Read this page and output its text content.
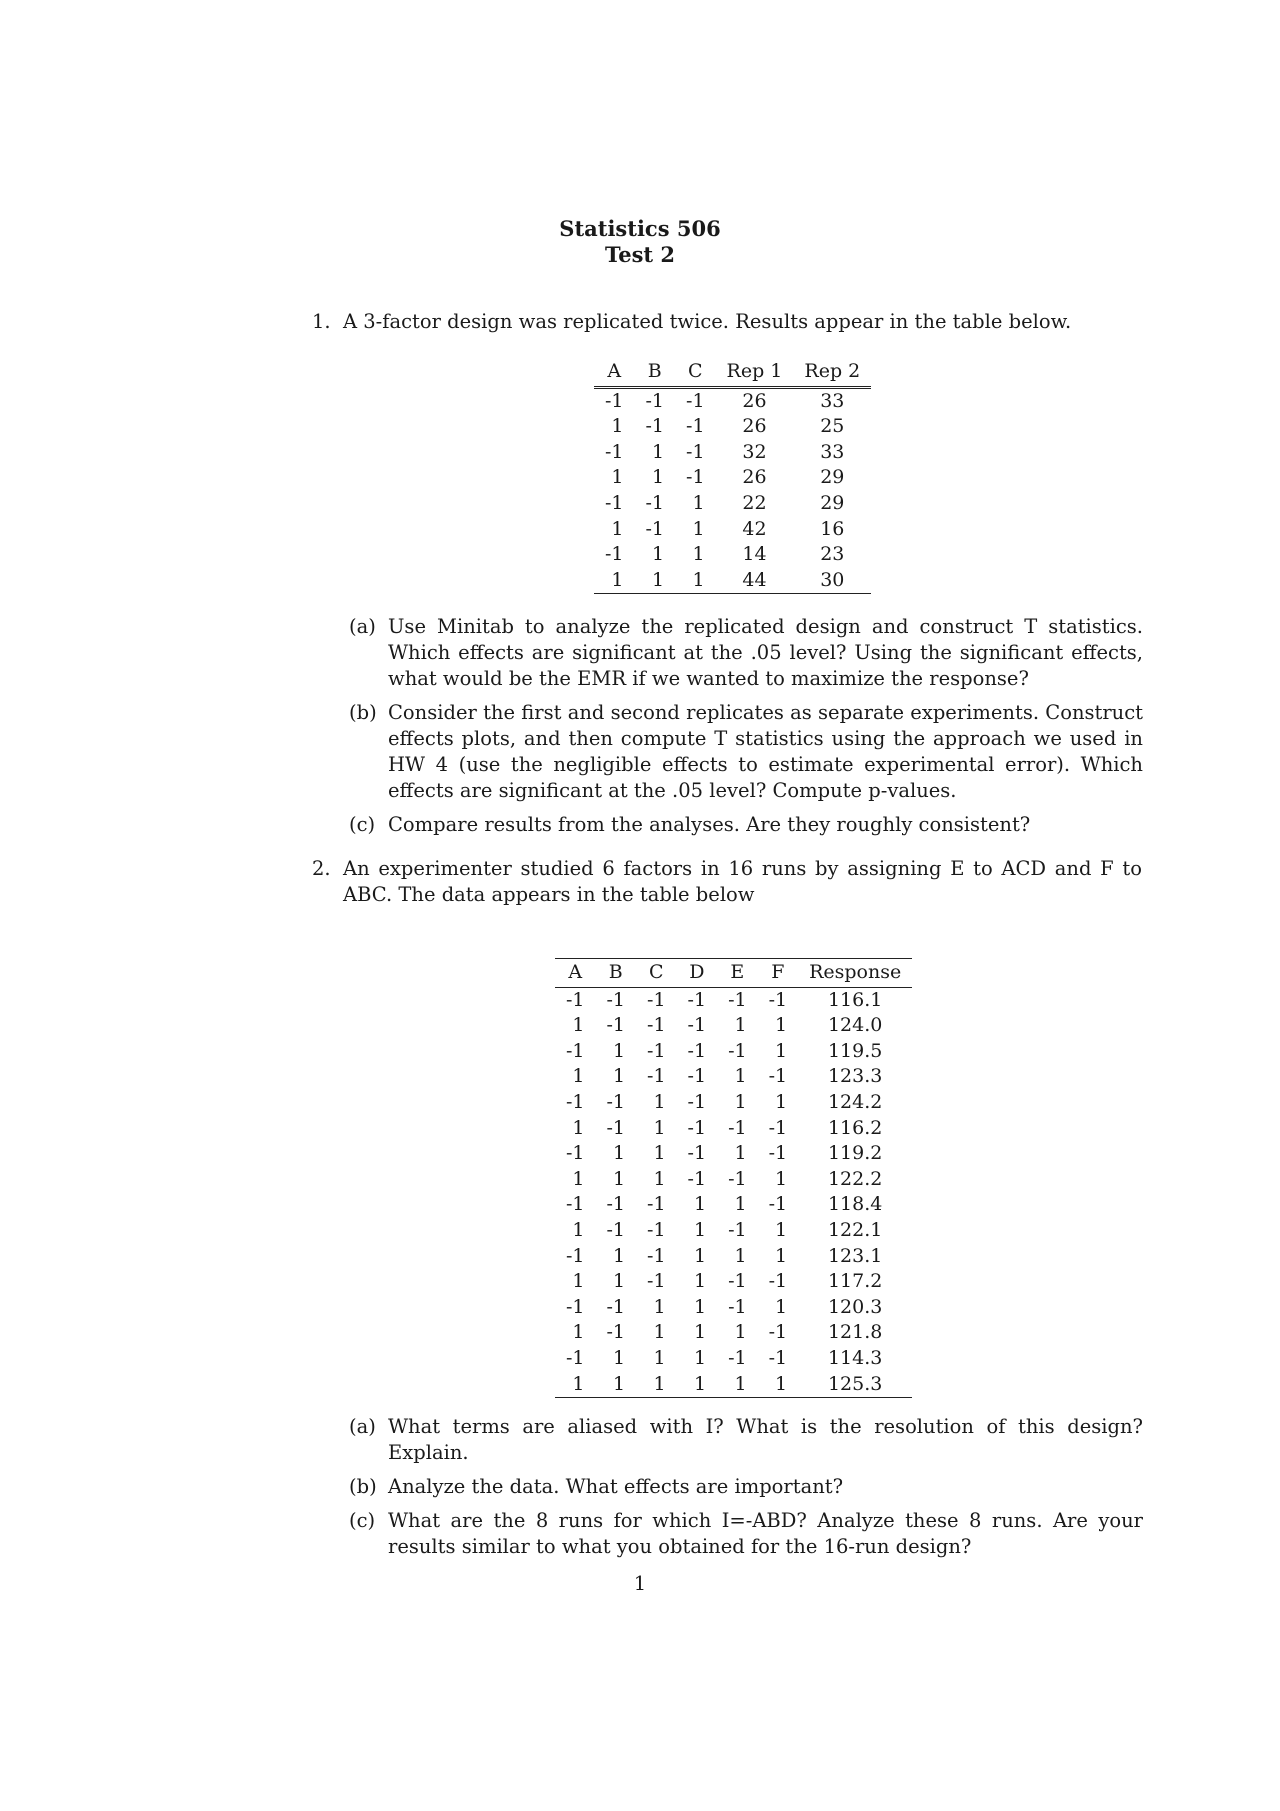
Statistics 506
Test 2
1. A 3-factor design was replicated twice. Results appear in the table below.
A	B	C	Rep 1	Rep 2
-1	-1	-1	26	33
1	-1	-1	26	25
-1	1	-1	32	33
1	1	-1	26	29
-1	-1	1	22	29
1	-1	1	42	16
-1	1	1	14	23
1	1	1	44	30
(a) Use Minitab to analyze the replicated design and construct T statistics. Which effects are significant at the .05 level? Using the significant effects, what would be the EMR if we wanted to maximize the response?
(b) Consider the first and second replicates as separate experiments. Construct effects plots, and then compute T statistics using the approach we used in HW 4 (use the negligible effects to estimate experimental error). Which effects are significant at the .05 level? Compute p-values.
(c) Compare results from the analyses. Are they roughly consistent?
2. An experimenter studied 6 factors in 16 runs by assigning E to ACD and F to ABC. The data appears in the table below
A	B	C	D	E	F	Response
-1	-1	-1	-1	-1	-1	116.1
1	-1	-1	-1	1	1	124.0
-1	1	-1	-1	-1	1	119.5
1	1	-1	-1	1	-1	123.3
-1	-1	1	-1	1	1	124.2
1	-1	1	-1	-1	-1	116.2
-1	1	1	-1	1	-1	119.2
1	1	1	-1	-1	1	122.2
-1	-1	-1	1	1	-1	118.4
1	-1	-1	1	-1	1	122.1
-1	1	-1	1	1	1	123.1
1	1	-1	1	-1	-1	117.2
-1	-1	1	1	-1	1	120.3
1	-1	1	1	1	-1	121.8
-1	1	1	1	-1	-1	114.3
1	1	1	1	1	1	125.3
(a) What terms are aliased with I? What is the resolution of this design? Explain.
(b) Analyze the data. What effects are important?
(c) What are the 8 runs for which I=-ABD? Analyze these 8 runs. Are your results similar to what you obtained for the 16-run design?
1
